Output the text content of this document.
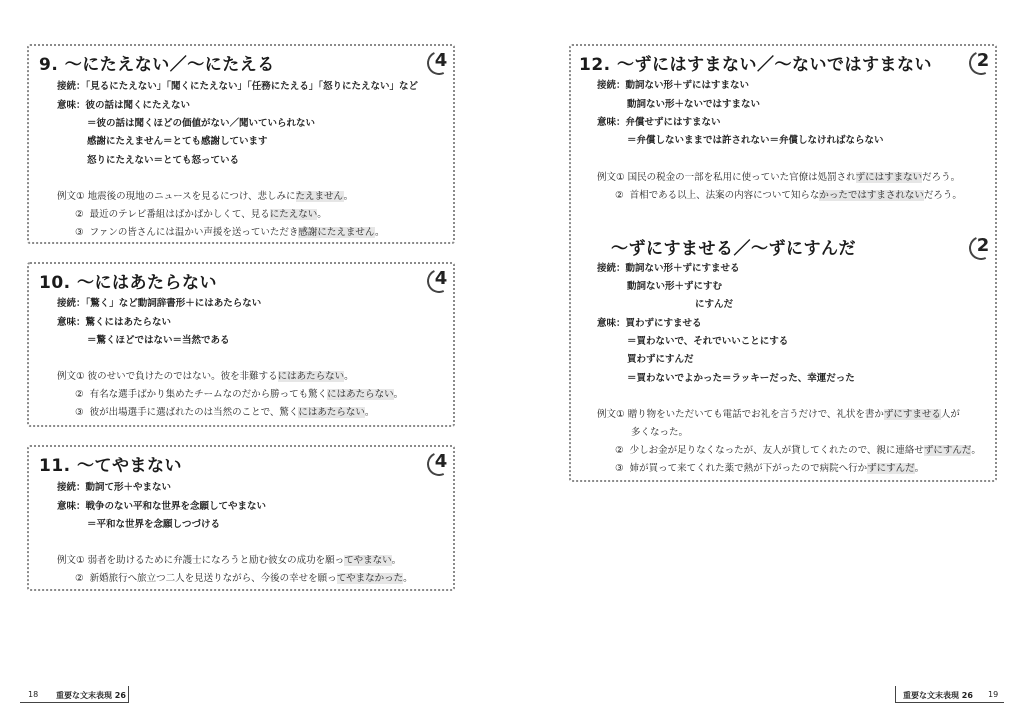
9. 〜にたえない／〜にたえる	4
接続：「見るにたえない」「聞くにたえない」「任務にたえる」「怒りにたえない」など
意味：彼の話は聞くにたえない
＝彼の話は聞くほどの価値がない／聞いていられない
感謝にたえません＝とても感謝しています
怒りにたえない＝とても怒っている
例文① 地震後の現地のニュースを見るにつけ、悲しみにたえません。
② 最近のテレビ番組はばかばかしくて、見るにたえない。
③ ファンの皆さんには温かい声援を送っていただき感謝にたえません。
10. 〜にはあたらない	4
接続：「驚く」など動詞辞書形＋にはあたらない
意味：驚くにはあたらない
＝驚くほどではない＝当然である
例文① 彼のせいで負けたのではない。彼を非難するにはあたらない。
② 有名な選手ばかり集めたチームなのだから勝っても驚くにはあたらない。
③ 彼が出場選手に選ばれたのは当然のことで、驚くにはあたらない。
11. 〜てやまない	4
接続：動詞て形＋やまない
意味：戦争のない平和な世界を念願してやまない
＝平和な世界を念願しつづける
例文① 弱者を助けるために弁護士になろうと励む彼女の成功を願ってやまない。
② 新婚旅行へ旅立つ二人を見送りながら、今後の幸せを願ってやまなかった。
12. 〜ずにはすまない／〜ないではすまない	2
接続：動詞ない形＋ずにはすまない
動詞ない形＋ないではすまない
意味：弁償せずにはすまない
＝弁償しないままでは許されない＝弁償しなければならない
例文① 国民の税金の一部を私用に使っていた官僚は処罰されずにはすまないだろう。
② 首相である以上、法案の内容について知らなかったではすまされないだろう。
〜ずにすませる／〜ずにすんだ	2
接続：動詞ない形＋ずにすませる
動詞ない形＋ずにすむ
にすんだ
意味：買わずにすませる
＝買わないで、それでいいことにする
買わずにすんだ
＝買わないでよかった＝ラッキーだった、幸運だった
例文① 贈り物をいただいても電話でお礼を言うだけで、礼状を書かずにすませる人が
多くなった。
② 少しお金が足りなくなったが、友人が貸してくれたので、親に連絡せずにすんだ。
③ 姉が買って来てくれた薬で熱が下がったので病院へ行かずにすんだ。
18 重要な文末表現 26	重要な文末表現 26 19
